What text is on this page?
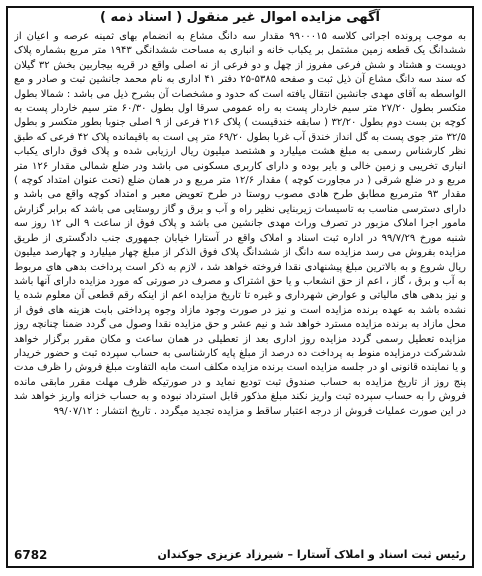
آگهی مزایده اموال غیر منقول ( اسناد ذمه )
به موجب پرونده اجرائی کلاسه ۹۹۰۰۰۱۵ مقدار سه دانگ مشاع به انضمام بهای ثمینه عرصه و اعیان از ششدانگ یک قطعه زمین مشتمل بر یکباب خانه و انباری به مساحت ششدانگی ۱۹۴۳ متر مربع بشماره پلاک دویست و هشتاد و شش فرعی مفروز از چهل و دو فرعی از نه اصلی واقع در قریه بیجاربین بخش ۳۲ گیلان که سند سه دانگ مشاع آن ذیل ثبت و صفحه ۵۳۸۵-۲۵ دفتر ۴۱ اداری به نام محمد جانشین ثبت و صادر و مع الواسطه به آقای مهدی جانشین انتقال یافته است که حدود و مشخصات آن بشرح ذیل می باشد : شمالا بطول متکسر بطول ۲۷/۲۰ متر سیم خاردار پست به راه عمومی سرقا اول بطول ۶۰/۳۰ متر سیم خاردار پست به کوچه بن بست دوم بطول ۳۲/۲۰ ( سابقه خندقیست ) پلاک ۲۱۶ فرعی از ۹ اصلی جنوبا بطور متکسر و بطول ۳۲/۵ متر جوی پست به گل انداز خندق آب غربا بطول ۶۹/۲۰ متر پی است به باقیمانده پلاک ۴۲ فرعی که طبق نظر کارشناس رسمی به مبلغ هشت میلیارد و هشتصد میلیون ریال ارزیابی شده و پلاک فوق دارای یکباب انباری تخریبی و زمین خالی و بایر بوده و دارای کاربری مسکونی می باشد ودر ضلع شمالی مقدار ۱۲۶ متر مربع و در ضلع شرقی ( در مجاورت کوچه ) مقدار ۱۲/۶ متر مربع و در همان ضلع (تحت عنوان امتداد کوچه ) مقدار ۹۳ مترمربع مطابق طرح هادی مصوب روستا در طرح تعویض معبر و امتداد کوچه واقع می باشد و دارای دسترسی مناسب به تاسیسات زیربنایی نظیر راه و آب و برق و گاز روستایی می باشد که برابر گزارش مامور اجرا املاک مزبور در تصرف وراث مهدی جانشین می باشد و پلاک فوق از ساعت ۹ الی ۱۲ روز سه شنبه مورخ ۹۹/۷/۲۹ در اداره ثبت اسناد و املاک واقع در آستارا خیابان جمهوری جنب دادگستری از طریق مزایده بفروش می رسد مزایده سه دانگ از ششدانگ پلاک فوق الذکر از مبلغ چهار میلیارد و چهارصد میلیون ریال شروع و به بالاترین مبلغ پیشنهادی نقدا فروخته خواهد شد ، لازم به ذکر است پرداخت بدهی های مربوط به آب و برق ، گاز ، اعم از حق انشعاب و یا حق اشتراک و مصرف در صورتی که مورد مزایده دارای آنها باشد و نیز بدهی های مالیاتی و عوارض شهرداری و غیره تا تاریخ مزایده اعم از اینکه رقم قطعی آن معلوم شده یا نشده باشد به عهده برنده مزایده است و نیز در صورت وجود مازاد وجوه پرداختی بابت هزینه های فوق از محل مازاد به برنده مزایده مسترد خواهد شد و نیم عشر و حق مزایده نقدا وصول می گردد ضمنا چنانچه روز مزایده تعطیل رسمی گردد مزایده روز اداری بعد از تعطیلی در همان ساعت و مکان مقرر برگزار خواهد شدشرکت درمزایده منوط به پرداخت ده درصد از مبلغ پایه کارشناسی به حساب سپرده ثبت و حضور خریدار و یا نماینده قانونی او در جلسه مزایده است برنده مزایده مکلف است مابه التفاوت مبلغ فروش را ظرف مدت پنج روز از تاریخ مزایده به حساب صندوق ثبت تودیع نماید و در صورتیکه ظرف مهلت مقرر مابقی مانده فروش را به حساب سپرده ثبت واریز نکند مبلغ مذکور قابل استرداد نبوده و به حساب خزانه واریز خواهد شد در این صورت عملیات فروش از درجه اعتبار ساقط و مزایده تجدید میگردد . تاریخ انتشار : ۹۹/۰۷/۱۲
رئیس ثبت اسناد و املاک آستارا – شیرزاد عزیزی جوکندان
6782
